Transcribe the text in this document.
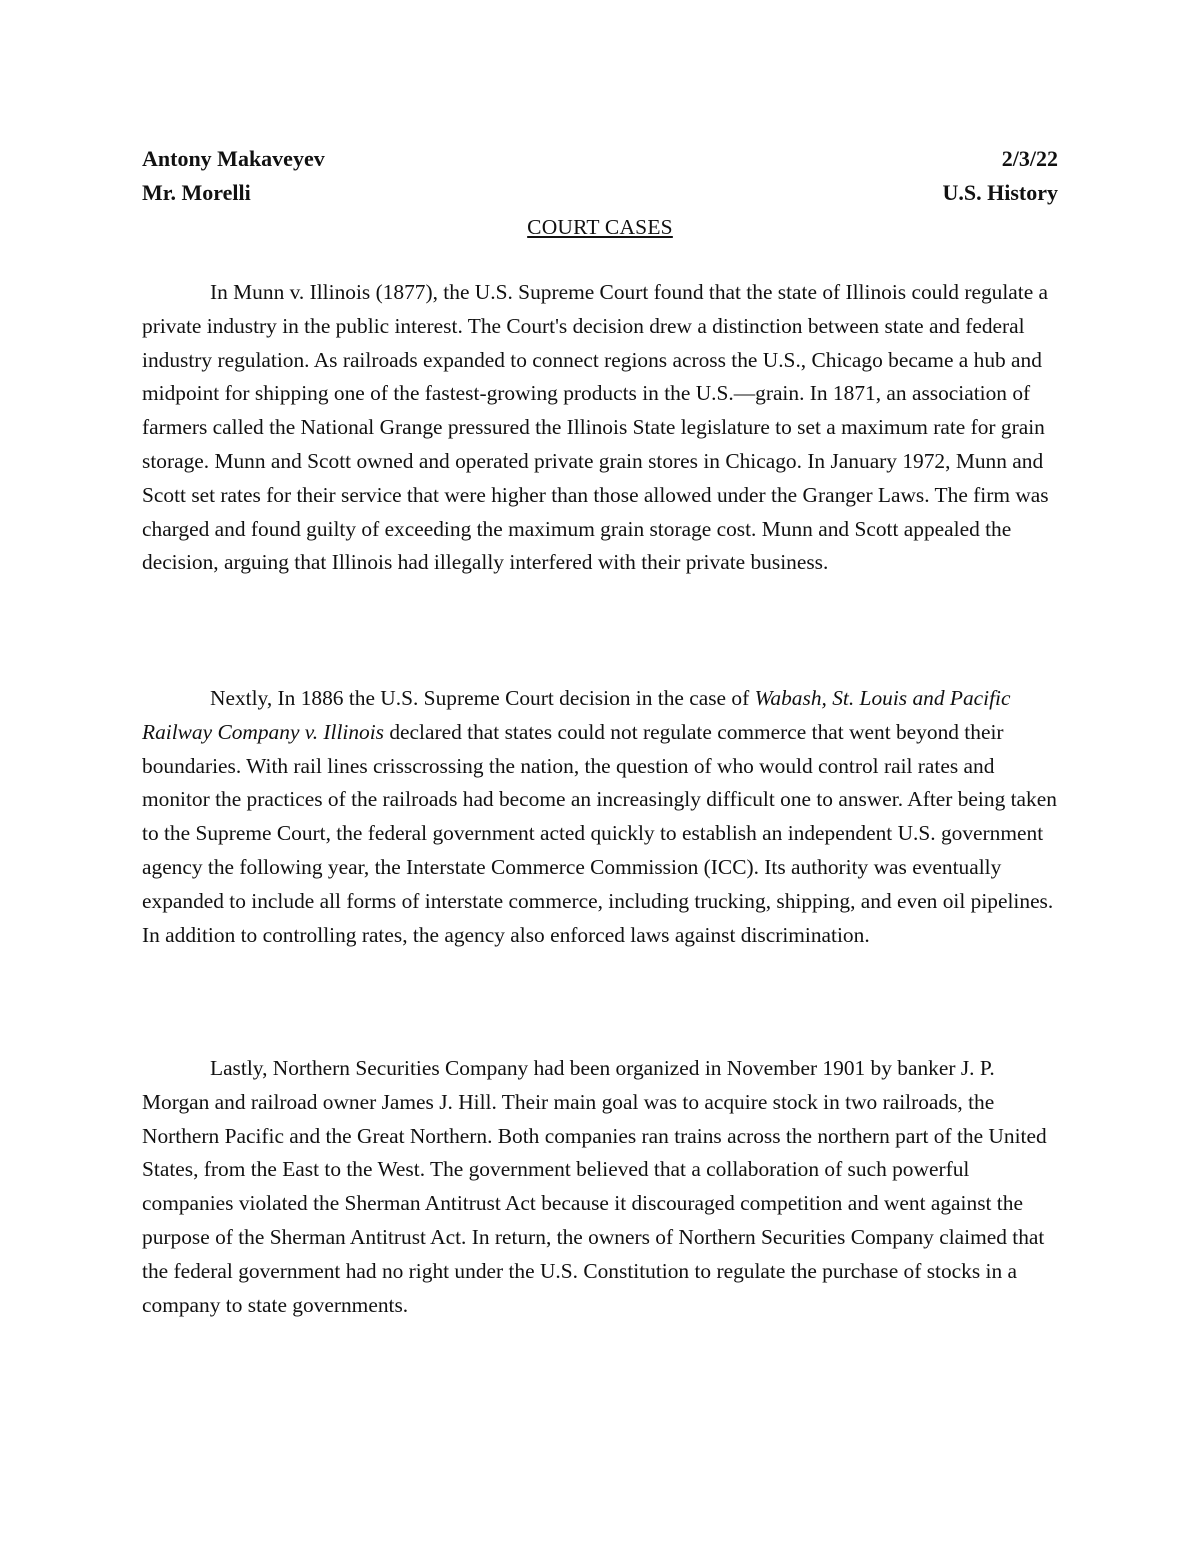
Antony Makaveyev	2/3/22
Mr. Morelli	U.S. History
COURT CASES

In Munn v. Illinois (1877), the U.S. Supreme Court found that the state of Illinois could regulate a private industry in the public interest. The Court's decision drew a distinction between state and federal industry regulation. As railroads expanded to connect regions across the U.S., Chicago became a hub and midpoint for shipping one of the fastest-growing products in the U.S.—grain. In 1871, an association of farmers called the National Grange pressured the Illinois State legislature to set a maximum rate for grain storage. Munn and Scott owned and operated private grain stores in Chicago. In January 1972, Munn and Scott set rates for their service that were higher than those allowed under the Granger Laws. The firm was charged and found guilty of exceeding the maximum grain storage cost. Munn and Scott appealed the decision, arguing that Illinois had illegally interfered with their private business.

Nextly, In 1886 the U.S. Supreme Court decision in the case of Wabash, St. Louis and Pacific Railway Company v. Illinois declared that states could not regulate commerce that went beyond their boundaries. With rail lines crisscrossing the nation, the question of who would control rail rates and monitor the practices of the railroads had become an increasingly difficult one to answer. After being taken to the Supreme Court, the federal government acted quickly to establish an independent U.S. government agency the following year, the Interstate Commerce Commission (ICC). Its authority was eventually expanded to include all forms of interstate commerce, including trucking, shipping, and even oil pipelines. In addition to controlling rates, the agency also enforced laws against discrimination.

Lastly, Northern Securities Company had been organized in November 1901 by banker J. P. Morgan and railroad owner James J. Hill. Their main goal was to acquire stock in two railroads, the Northern Pacific and the Great Northern. Both companies ran trains across the northern part of the United States, from the East to the West. The government believed that a collaboration of such powerful companies violated the Sherman Antitrust Act because it discouraged competition and went against the purpose of the Sherman Antitrust Act. In return, the owners of Northern Securities Company claimed that the federal government had no right under the U.S. Constitution to regulate the purchase of stocks in a company to state governments.
